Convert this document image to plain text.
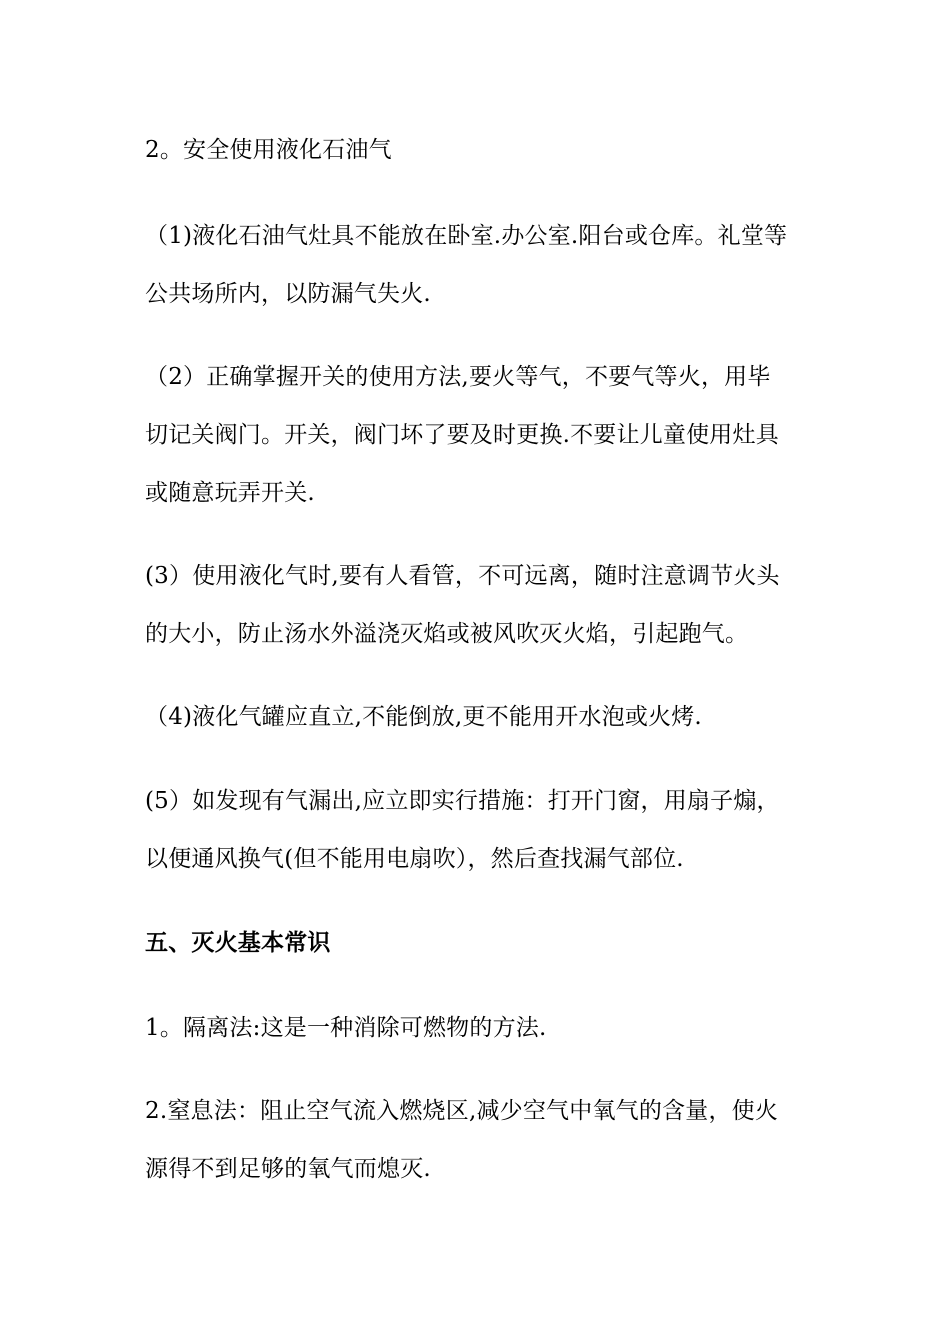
2。安全使用液化石油气

（1)液化石油气灶具不能放在卧室.办公室.阳台或仓库。礼堂等
公共场所内，以防漏气失火.

（2）正确掌握开关的使用方法,要火等气，不要气等火，用毕
切记关阀门。开关，阀门坏了要及时更换.不要让儿童使用灶具
或随意玩弄开关.

(3）使用液化气时,要有人看管，不可远离，随时注意调节火头
的大小，防止汤水外溢浇灭焰或被风吹灭火焰，引起跑气。

（4)液化气罐应直立,不能倒放,更不能用开水泡或火烤.

(5）如发现有气漏出,应立即实行措施：打开门窗，用扇子煽，
以便通风换气(但不能用电扇吹），然后查找漏气部位.

五、灭火基本常识

1。隔离法:这是一种消除可燃物的方法.

2.窒息法：阻止空气流入燃烧区,减少空气中氧气的含量，使火
源得不到足够的氧气而熄灭.
